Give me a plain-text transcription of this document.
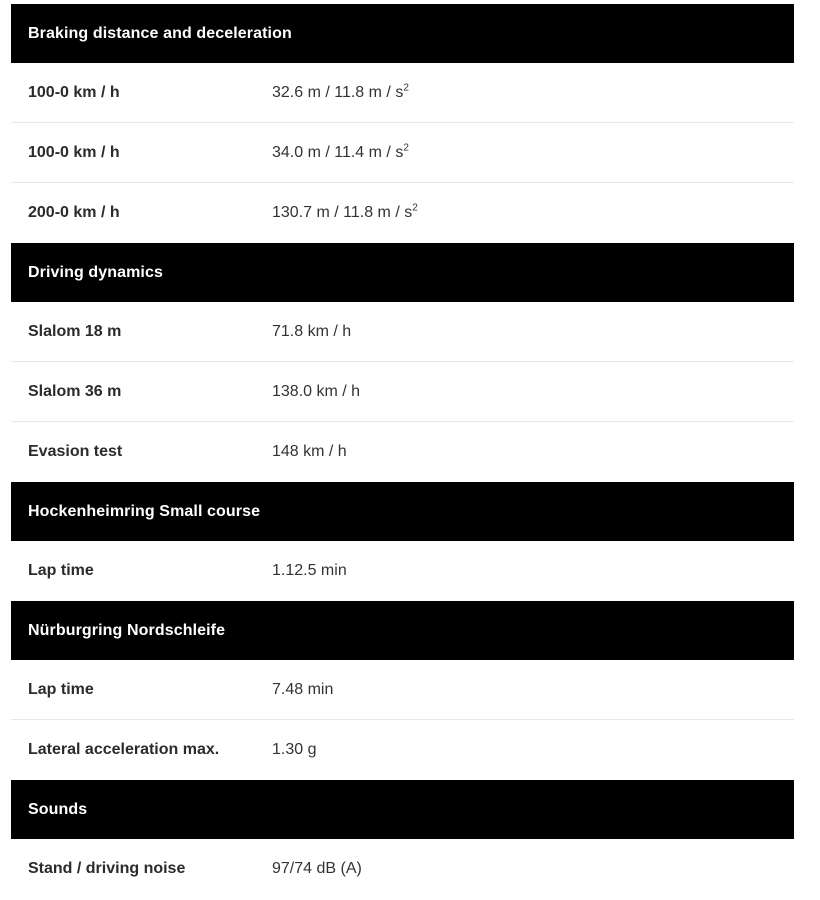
Braking distance and deceleration
100-0 km / h	32.6 m / 11.8 m / $s^2$
100-0 km / h	34.0 m / 11.4 m / $s^2$
200-0 km / h	130.7 m / 11.8 m / $s^2$
Driving dynamics
Slalom 18 m	71.8 km / h
Slalom 36 m	138.0 km / h
Evasion test	148 km / h
Hockenheimring Small course
Lap time	1.12.5 min
Nürburgring Nordschleife
Lap time	7.48 min
Lateral acceleration max.	1.30 g
Sounds
Stand / driving noise	97/74 dB (A)
